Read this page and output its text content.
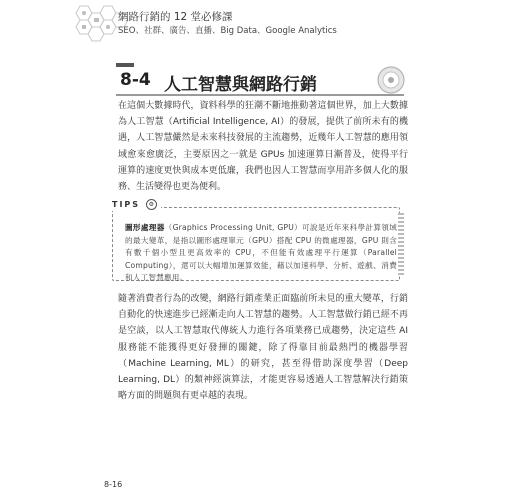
網路行銷的 12 堂必修課
SEO、社群、廣告、直播、Big Data、Google Analytics
8-4 人工智慧與網路行銷
在這個大數據時代，資料科學的狂潮不斷地推動著這個世界，加上大數據為人工智慧（Artificial Intelligence, AI）的發展，提供了前所未有的機遇，人工智慧儼然是未來科技發展的主流趨勢，近幾年人工智慧的應用領域愈來愈廣泛，主要原因之一就是 GPUs 加速運算日漸普及，使得平行運算的速度更快與成本更低廉，我們也因人工智慧而享用許多個人化的服務、生活變得也更為便利。
圖形處理器（Graphics Processing Unit, GPU）可說是近年來科學計算領域的最大變革，是指以圖形處理單元（GPU）搭配 CPU 的微處理器，GPU 則含有數千個小型且更高效率的 CPU，不但能有效處理平行運算（Parallel Computing），還可以大幅增加運算效能，藉以加速科學、分析、遊戲、消費和人工智慧應用。
TIPS ⚙
隨著消費者行為的改變，網路行銷產業正面臨前所未見的重大變革，行銷自動化的快速進步已經漸走向人工智慧的趨勢。人工智慧做行銷已經不再是空談，以人工智慧取代傳統人力進行各項業務已成趨勢，決定這些 AI 服務能不能獲得更好發揮的關鍵，除了得靠目前最熱門的機器學習（Machine Learning, ML）的研究，甚至得借助深度學習（Deep Learning, DL）的類神經演算法，才能更容易透過人工智慧解決行銷策略方面的問題與有更卓越的表現。
8-16
